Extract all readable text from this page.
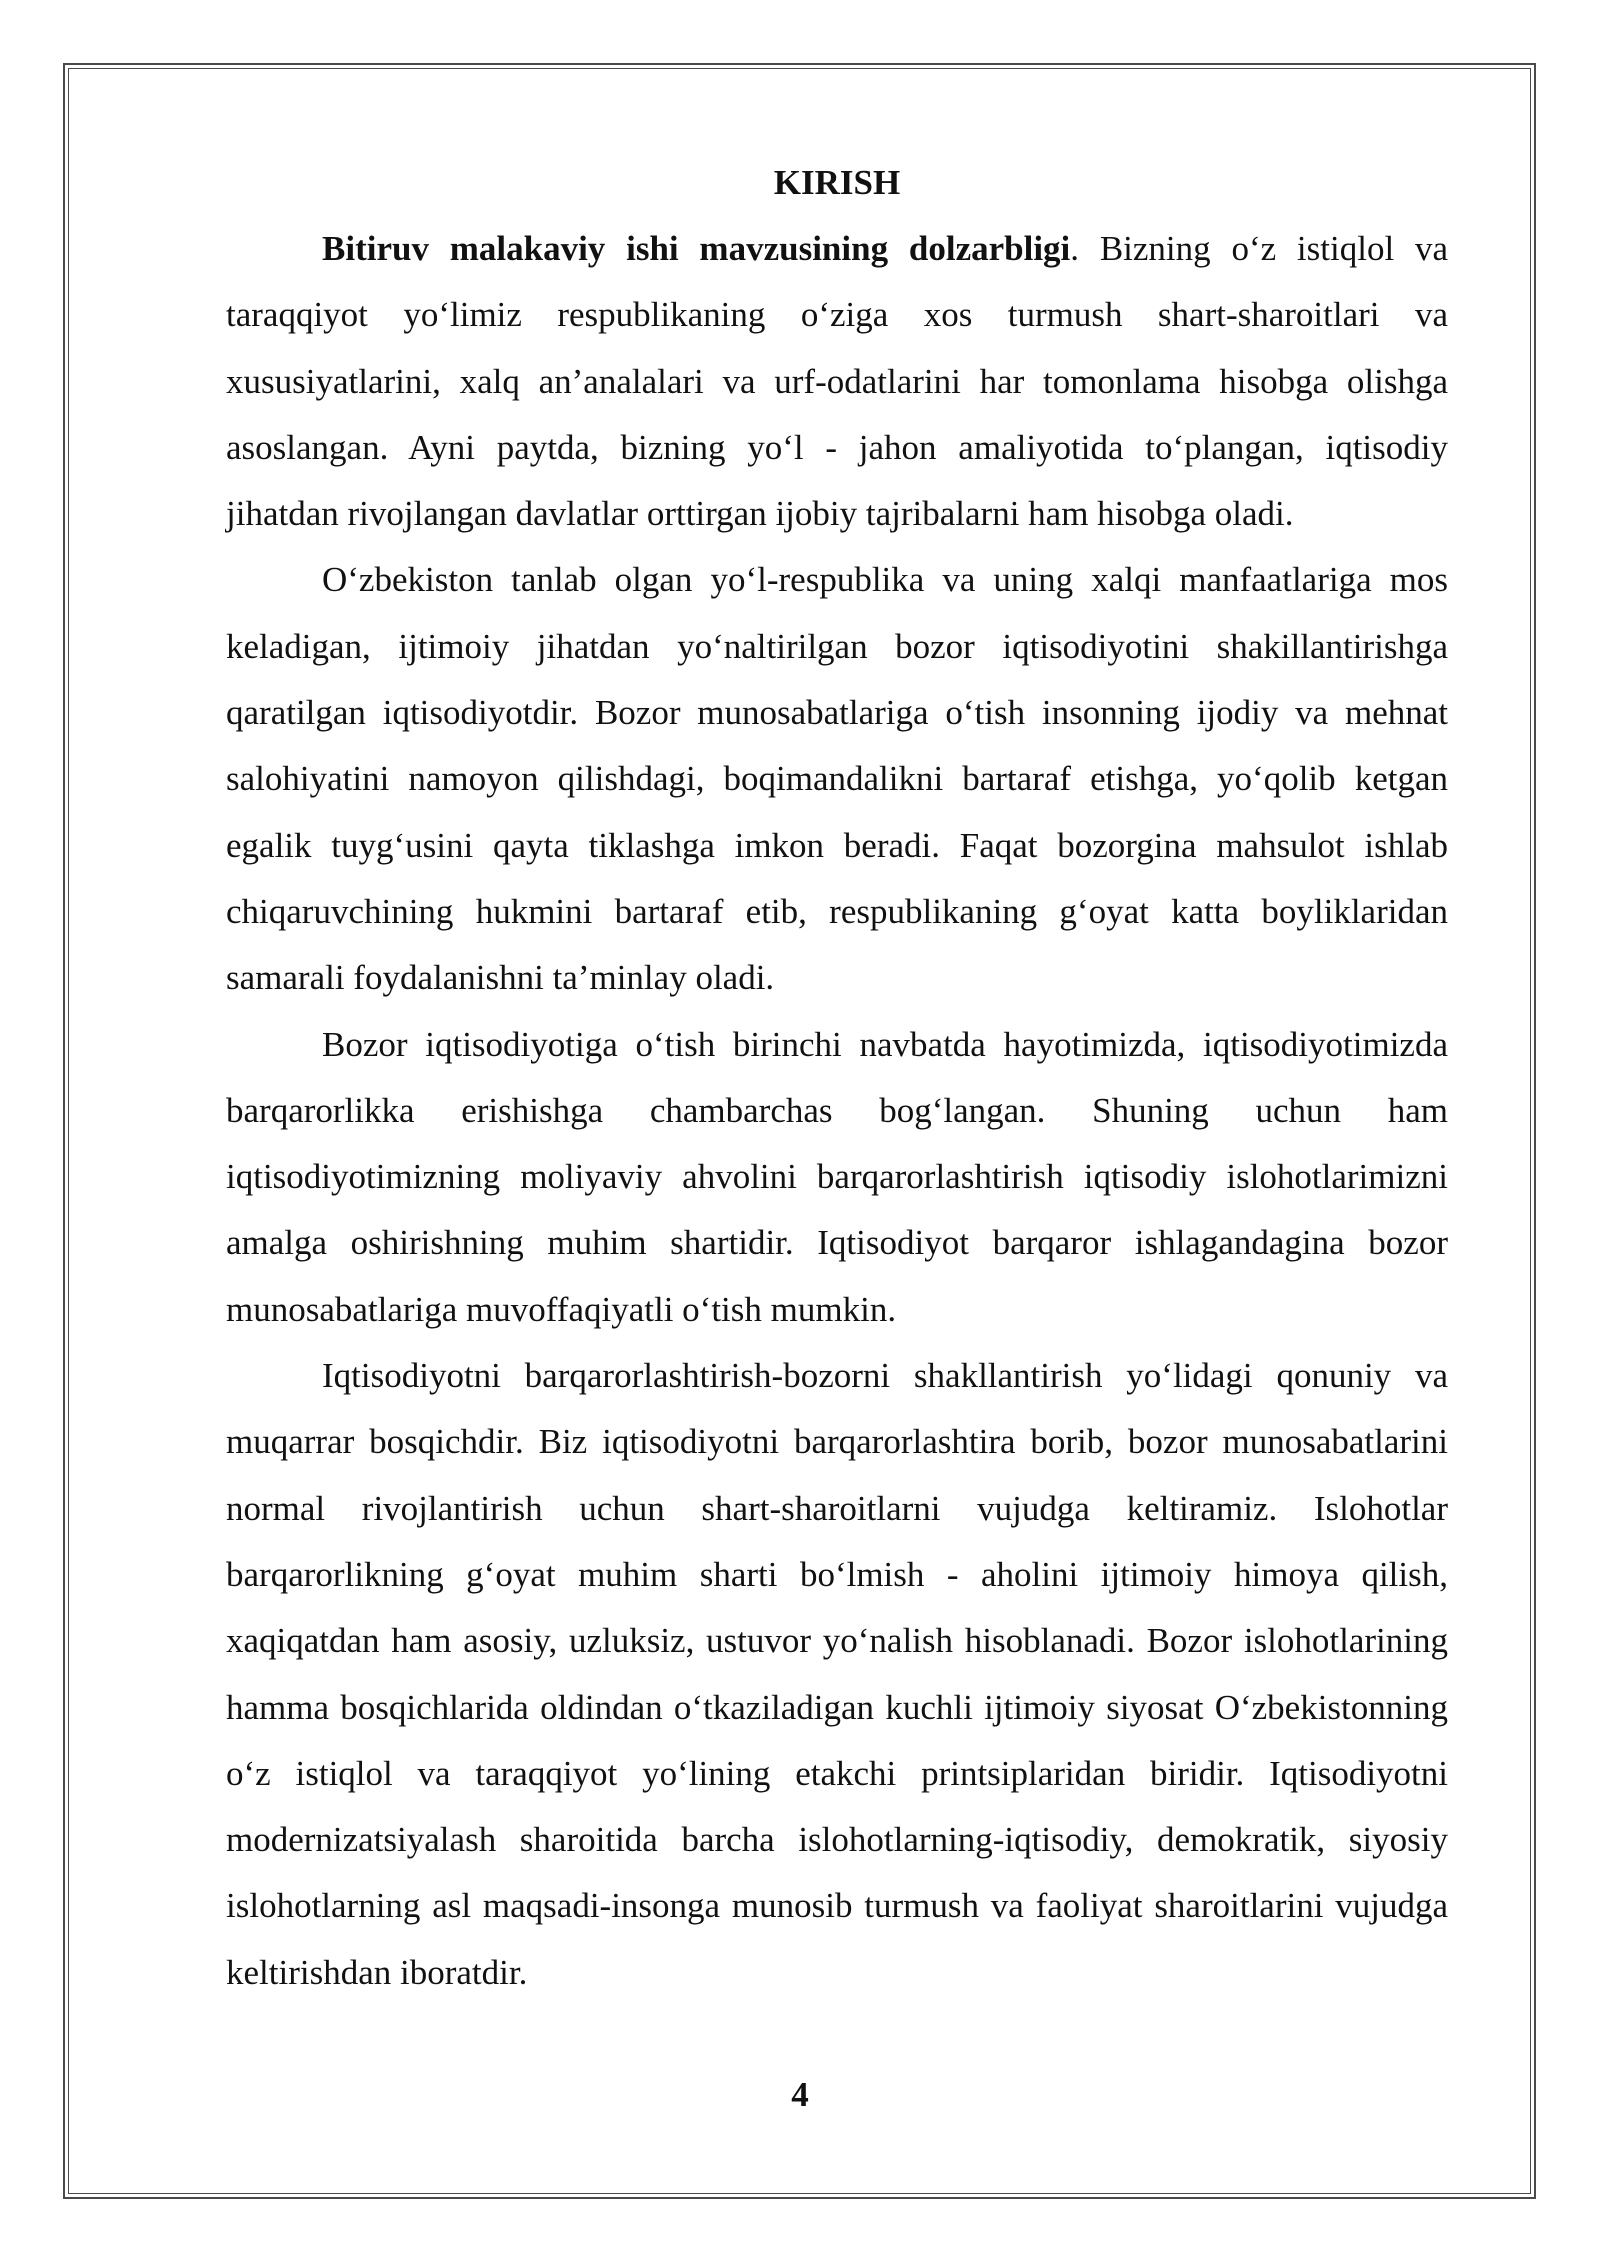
KIRISH

Bitiruv malakaviy ishi mavzusining dolzarbligi. Bizning o‘z istiqlol va taraqqiyot yo‘limiz respublikaning o‘ziga xos turmush shart-sharoitlari va xususiyatlarini, xalq an’analalari va urf-odatlarini har tomonlama hisobga olishga asoslangan. Ayni paytda, bizning yo‘l - jahon amaliyotida to‘plangan, iqtisodiy jihatdan rivojlangan davlatlar orttirgan ijobiy tajribalarni ham hisobga oladi.

O‘zbekiston tanlab olgan yo‘l-respublika va uning xalqi manfaatlariga mos keladigan, ijtimoiy jihatdan yo‘naltirilgan bozor iqtisodiyotini shakillantirishga qaratilgan iqtisodiyotdir. Bozor munosabatlariga o‘tish insonning ijodiy va mehnat salohiyatini namoyon qilishdagi, boqimandalikni bartaraf etishga, yo‘qolib ketgan egalik tuyg‘usini qayta tiklashga imkon beradi. Faqat bozorgina mahsulot ishlab chiqaruvchining hukmini bartaraf etib, respublikaning g‘oyat katta boyliklaridan samarali foydalanishni ta’minlay oladi.

Bozor iqtisodiyotiga o‘tish birinchi navbatda hayotimizda, iqtisodiyotimizda barqarorlikka erishishga chambarchas bog‘langan. Shuning uchun ham iqtisodiyotimizning moliyaviy ahvolini barqarorlashtirish iqtisodiy islohotlarimizni amalga oshirishning muhim shartidir. Iqtisodiyot barqaror ishlagandagina bozor munosabatlariga muvoffaqiyatli o‘tish mumkin.

Iqtisodiyotni barqarorlashtirish-bozorni shakllantirish yo‘lidagi qonuniy va muqarrar bosqichdir. Biz iqtisodiyotni barqarorlashtira borib, bozor munosabatlarini normal rivojlantirish uchun shart-sharoitlarni vujudga keltiramiz. Islohotlar barqarorlikning g‘oyat muhim sharti bo‘lmish - aholini ijtimoiy himoya qilish, xaqiqatdan ham asosiy, uzluksiz, ustuvor yo‘nalish hisoblanadi. Bozor islohotlarining hamma bosqichlarida oldindan o‘tkaziladigan kuchli ijtimoiy siyosat O‘zbekistonning o‘z istiqlol va taraqqiyot yo‘lining etakchi printsiplaridan biridir. Iqtisodiyotni modernizatsiyalash sharoitida barcha islohotlarning-iqtisodiy, demokratik, siyosiy islohotlarning asl maqsadi-insonga munosib turmush va faoliyat sharoitlarini vujudga keltirishdan iboratdir.

4
